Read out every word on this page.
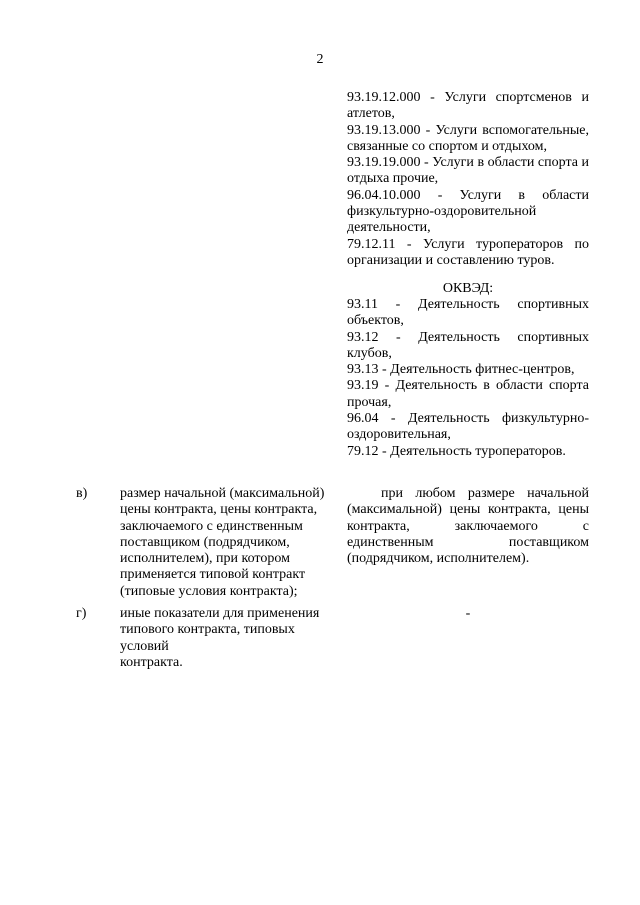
2
93.19.12.000 - Услуги спортсменов и
атлетов,
93.19.13.000 - Услуги вспомогательные,
связанные со спортом и отдыхом,
93.19.19.000 - Услуги в области спорта и
отдыха прочие,
96.04.10.000 - Услуги в области
физкультурно-оздоровительной
деятельности,
79.12.11 - Услуги туроператоров по
организации и составлению туров.
ОКВЭД:
93.11 - Деятельность спортивных
объектов,
93.12 - Деятельность спортивных
клубов,
93.13 - Деятельность фитнес-центров,
93.19 - Деятельность в области спорта
прочая,
96.04 - Деятельность физкультурно-
оздоровительная,
79.12 - Деятельность туроператоров.
в) размер начальной (максимальной)
цены контракта, цены контракта,
заключаемого с единственным
поставщиком (подрядчиком,
исполнителем), при котором
применяется типовой контракт
(типовые условия контракта);
при любом размере начальной
(максимальной) цены контракта, цены
контракта, заключаемого с
единственным поставщиком
(подрядчиком, исполнителем).
г) иные показатели для применения
типового контракта, типовых условий
контракта.
-
